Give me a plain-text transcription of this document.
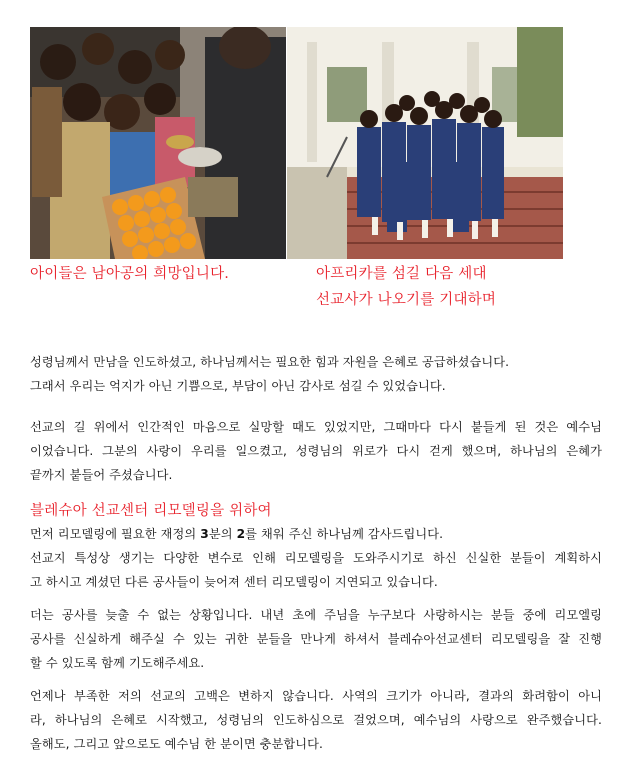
아이들은 남아공의 희망입니다.	아프리카를 섬길 다음 세대
선교사가 나오기를 기대하며
성령님께서 만남을 인도하셨고, 하나님께서는 필요한 힘과 자원을 은혜로 공급하셨습니다.
그래서 우리는 억지가 아닌 기쁨으로, 부담이 아닌 감사로 섬길 수 있었습니다.
선교의 길 위에서 인간적인 마음으로 실망할 때도 있었지만, 그때마다 다시 붙들게 된 것은 예수님
이었습니다. 그분의 사랑이 우리를 일으켰고, 성령님의 위로가 다시 걷게 했으며, 하나님의 은혜가
끝까지 붙들어 주셨습니다.
블레슈아 선교센터 리모델링을 위하여
먼저 리모델링에 필요한 재정의 3분의 2를 채워 주신 하나님께 감사드립니다.
선교지 특성상 생기는 다양한 변수로 인해 리모델링을 도와주시기로 하신 신실한 분들이 계획하시
고 하시고 계셨던 다른 공사들이 늦어져 센터 리모델링이 지연되고 있습니다.
더는 공사를 늦출 수 없는 상황입니다. 내년 초에 주님을 누구보다 사랑하시는 분들 중에 리모엘링
공사를 신실하게 해주실 수 있는 귀한 분들을 만나게 하셔서 블레슈아선교센터 리모델링을 잘 진행
할 수 있도록 함께 기도해주세요.
언제나 부족한 저의 선교의 고백은 변하지 않습니다. 사역의 크기가 아니라, 결과의 화려함이 아니
라, 하나님의 은혜로 시작했고, 성령님의 인도하심으로 걸었으며, 예수님의 사랑으로 완주했습니다.
올해도, 그리고 앞으로도 예수님 한 분이면 충분합니다.
